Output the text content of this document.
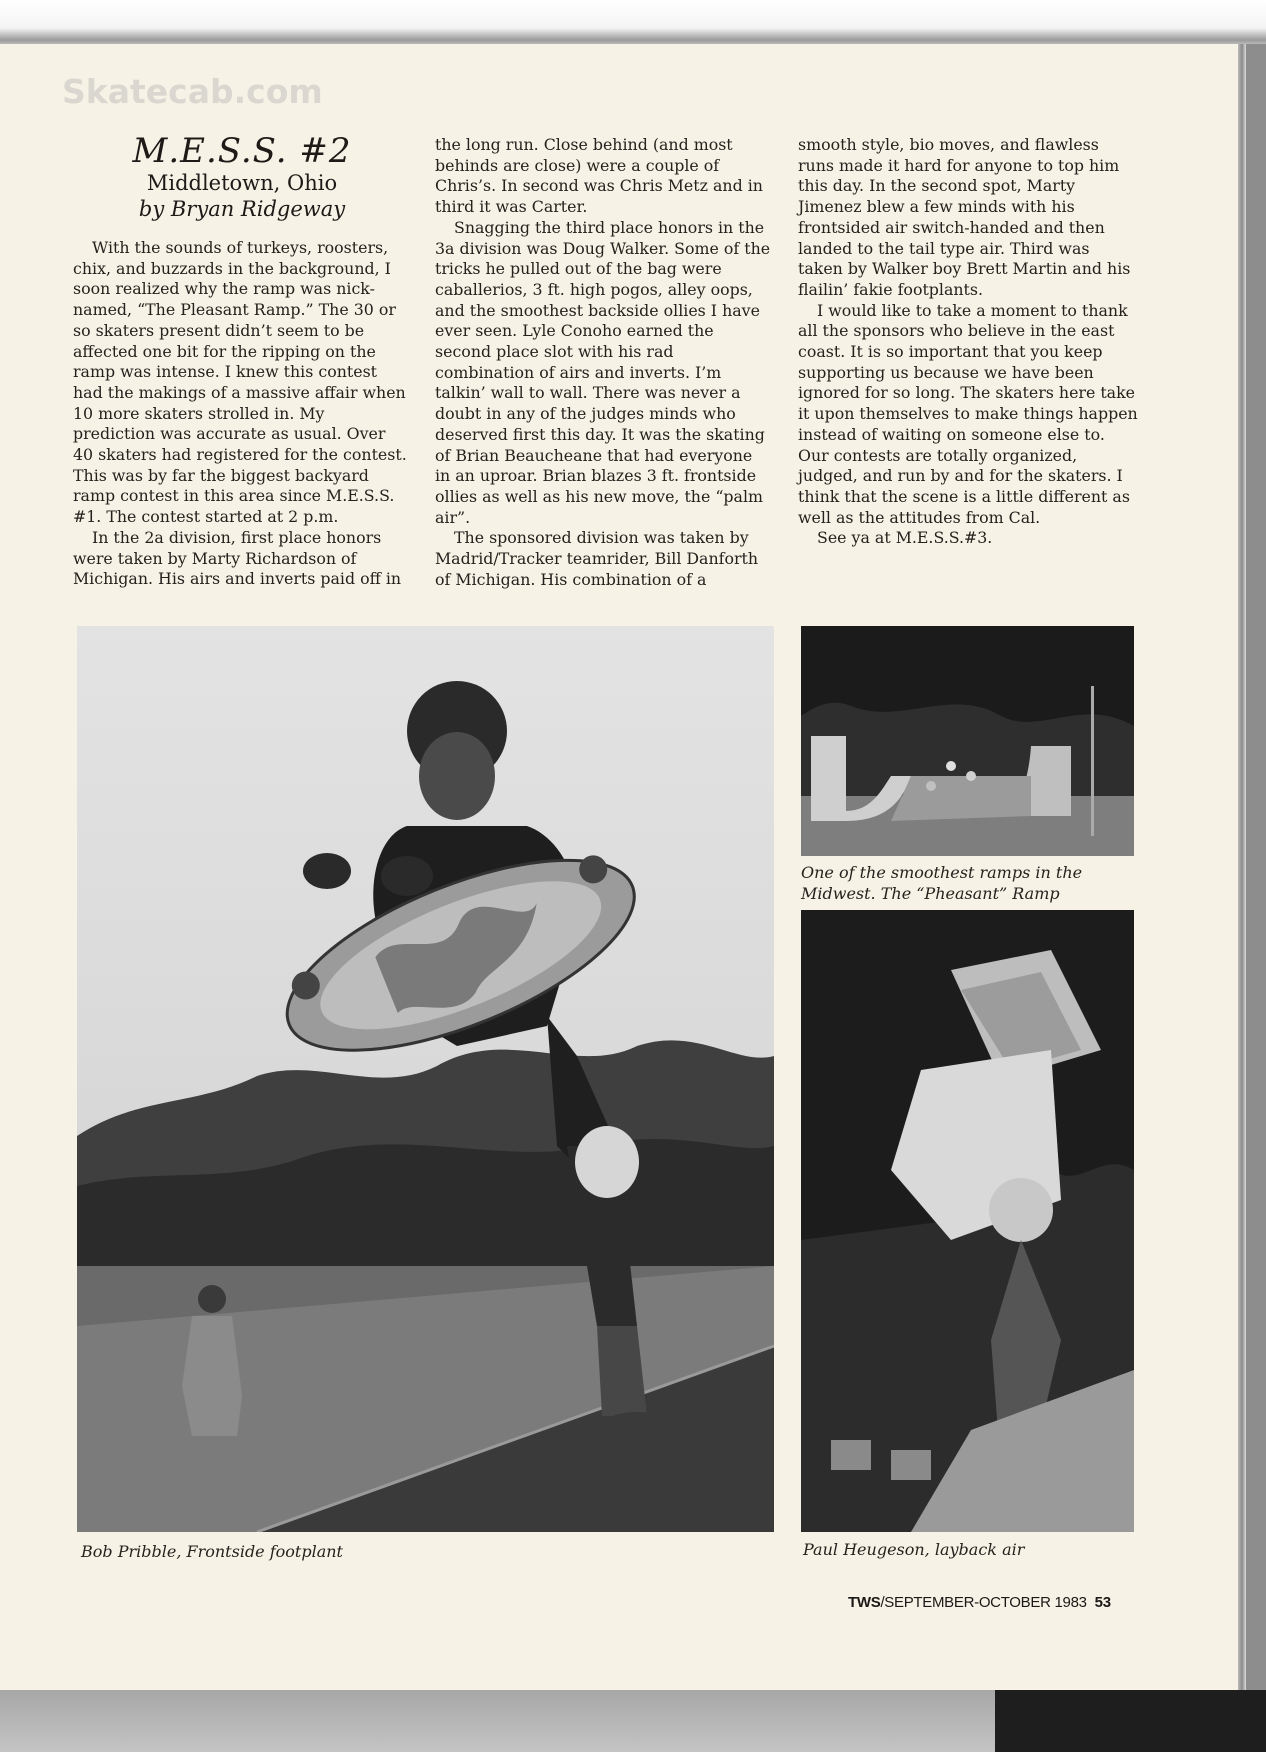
Skatecab.com
M.E.S.S. #2
Middletown, Ohio
by Bryan Ridgeway

With the sounds of turkeys, roosters, chix, and buzzards in the background, I soon realized why the ramp was nick-named, “The Pleasant Ramp.” The 30 or so skaters present didn’t seem to be affected one bit for the ripping on the ramp was intense. I knew this contest had the makings of a massive affair when 10 more skaters strolled in. My prediction was accurate as usual. Over 40 skaters had registered for the contest. This was by far the biggest backyard ramp contest in this area since M.E.S.S. #1. The contest started at 2 p.m.

In the 2a division, first place honors were taken by Marty Richardson of Michigan. His airs and inverts paid off in

the long run. Close behind (and most behinds are close) were a couple of Chris’s. In second was Chris Metz and in third it was Carter.

Snagging the third place honors in the 3a division was Doug Walker. Some of the tricks he pulled out of the bag were caballerios, 3 ft. high pogos, alley oops, and the smoothest backside ollies I have ever seen. Lyle Conoho earned the second place slot with his rad combination of airs and inverts. I’m talkin’ wall to wall. There was never a doubt in any of the judges minds who deserved first this day. It was the skating of Brian Beaucheane that had everyone in an uproar. Brian blazes 3 ft. frontside ollies as well as his new move, the “palm air”.

The sponsored division was taken by Madrid/Tracker teamrider, Bill Danforth of Michigan. His combination of a

smooth style, bio moves, and flawless runs made it hard for anyone to top him this day. In the second spot, Marty Jimenez blew a few minds with his frontsided air switch-handed and then landed to the tail type air. Third was taken by Walker boy Brett Martin and his flailin’ fakie footplants.

I would like to take a moment to thank all the sponsors who believe in the east coast. It is so important that you keep supporting us because we have been ignored for so long. The skaters here take it upon themselves to make things happen instead of waiting on someone else to. Our contests are totally organized, judged, and run by and for the skaters. I think that the scene is a little different as well as the attitudes from Cal.

See ya at M.E.S.S.#3.

Bob Pribble, Frontside footplant
One of the smoothest ramps in the Midwest. The “Pheasant” Ramp
Paul Heugeson, layback air
TWS/SEPTEMBER-OCTOBER 1983 53
